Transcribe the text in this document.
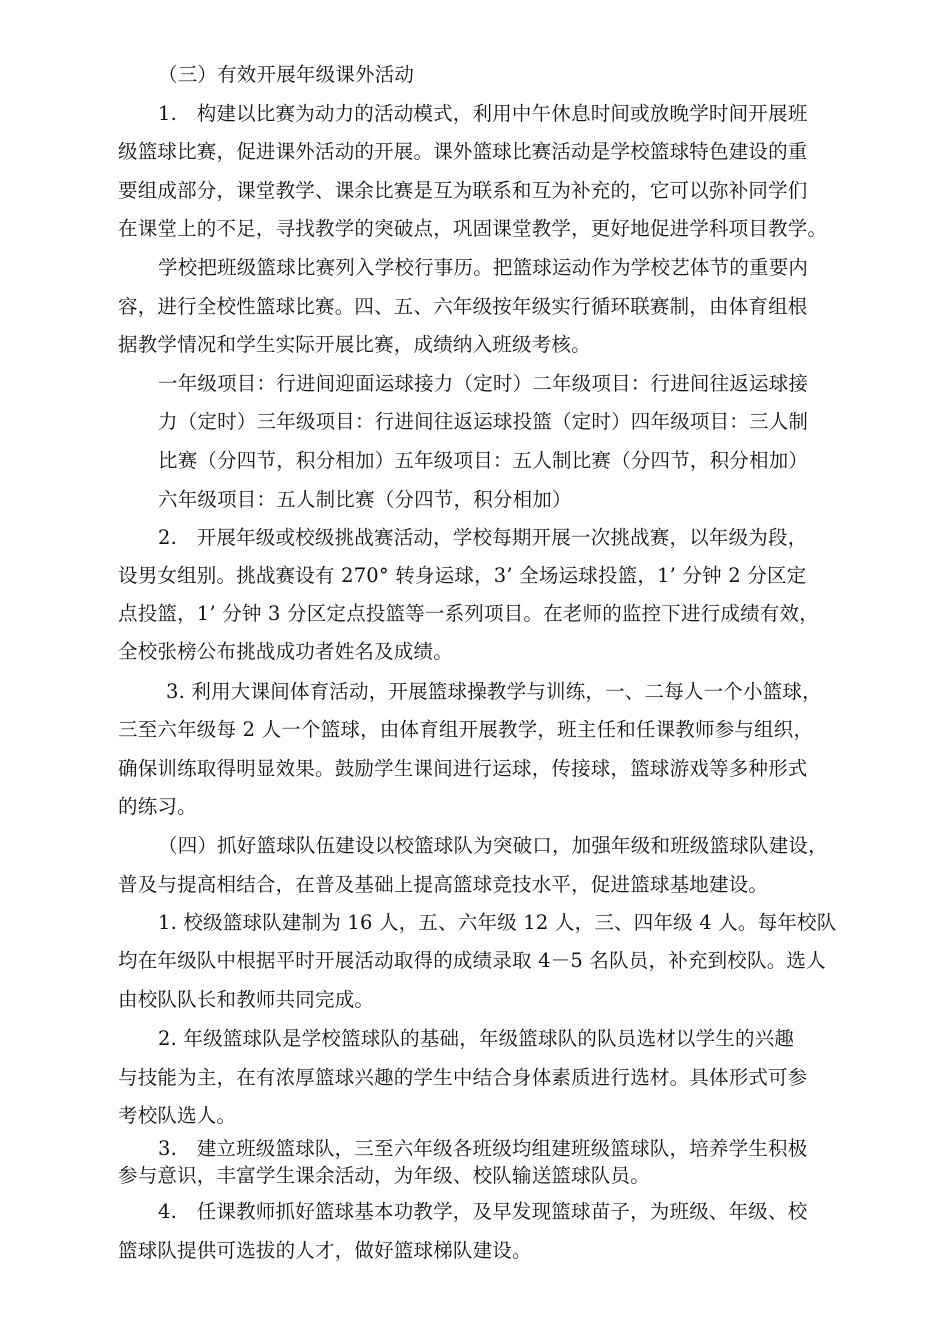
（三）有效开展年级课外活动
1.　构建以比赛为动力的活动模式，利用中午休息时间或放晚学时间开展班
级篮球比赛，促进课外活动的开展。课外篮球比赛活动是学校篮球特色建设的重
要组成部分，课堂教学、课余比赛是互为联系和互为补充的，它可以弥补同学们
在课堂上的不足，寻找教学的突破点，巩固课堂教学，更好地促进学科项目教学。
学校把班级篮球比赛列入学校行事历。把篮球运动作为学校艺体节的重要内
容，进行全校性篮球比赛。四、五、六年级按年级实行循环联赛制，由体育组根
据教学情况和学生实际开展比赛，成绩纳入班级考核。
一年级项目：行进间迎面运球接力（定时）二年级项目：行进间往返运球接
力（定时）三年级项目：行进间往返运球投篮（定时）四年级项目：三人制
比赛（分四节，积分相加）五年级项目：五人制比赛（分四节，积分相加）
六年级项目：五人制比赛（分四节，积分相加）
2.　开展年级或校级挑战赛活动，学校每期开展一次挑战赛，以年级为段，
设男女组别。挑战赛设有 270° 转身运球，3’ 全场运球投篮，1’ 分钟 2 分区定
点投篮，1’ 分钟 3 分区定点投篮等一系列项目。在老师的监控下进行成绩有效，
全校张榜公布挑战成功者姓名及成绩。
3. 利用大课间体育活动，开展篮球操教学与训练，一、二每人一个小篮球，
三至六年级每 2 人一个篮球，由体育组开展教学，班主任和任课教师参与组织，
确保训练取得明显效果。鼓励学生课间进行运球，传接球，篮球游戏等多种形式
的练习。
（四）抓好篮球队伍建设以校篮球队为突破口，加强年级和班级篮球队建设，
普及与提高相结合，在普及基础上提高篮球竞技水平，促进篮球基地建设。
1. 校级篮球队建制为 16 人，五、六年级 12 人，三、四年级 4 人。每年校队
均在年级队中根据平时开展活动取得的成绩录取 4－5 名队员，补充到校队。选人
由校队队长和教师共同完成。
2. 年级篮球队是学校篮球队的基础，年级篮球队的队员选材以学生的兴趣
与技能为主，在有浓厚篮球兴趣的学生中结合身体素质进行选材。具体形式可参
考校队选人。
3.　建立班级篮球队，三至六年级各班级均组建班级篮球队，培养学生积极
参与意识，丰富学生课余活动，为年级、校队输送篮球队员。
4.　任课教师抓好篮球基本功教学，及早发现篮球苗子，为班级、年级、校
篮球队提供可选拔的人才，做好篮球梯队建设。
